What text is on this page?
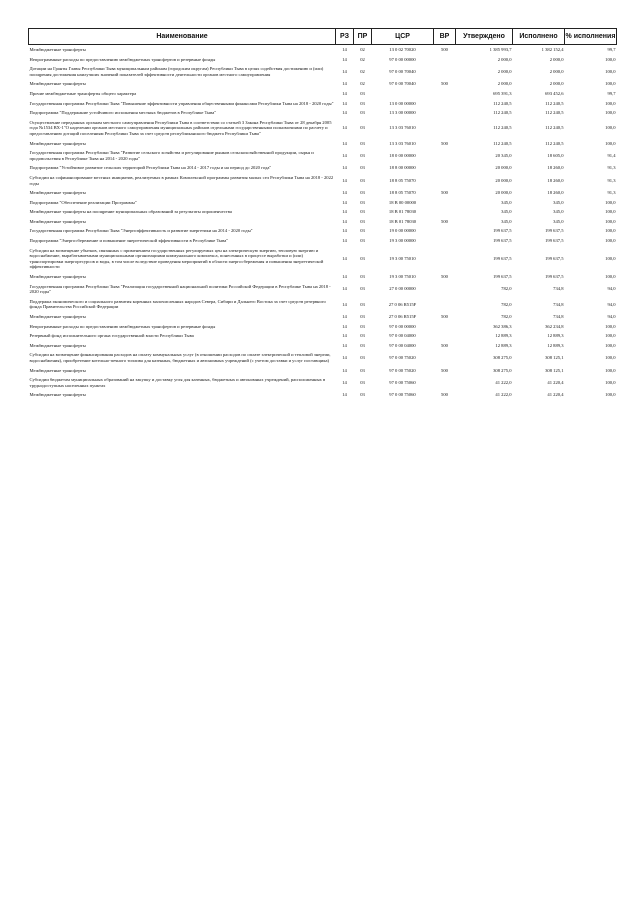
Наименование	РЗ	ПР	ЦСР	ВР	Утверждено	Исполнено	% исполнения
Межбюджетные трансферты	14	02	13 0 02 70020	500	1 385 993,7	1 382 152,4	99,7
Непрограммные расходы по предоставлению межбюджетных трансфертов и резервные фонды	14	02	97 0 00 00000		2 000,0	2 000,0	100,0
Дотации на Гранты Главы Республики Тыва муниципальным районам (городским округам) Республики Тыва в целях содействия достижению и (или) поощрения достижения наилучших значений показателей эффективности деятельности органов местного самоуправления	14	02	97 0 00 70040		2 000,0	2 000,0	100,0
Межбюджетные трансферты	14	02	97 0 00 70040	500	2 000,0	2 000,0	100,0
Прочие межбюджетные трансферты общего характера	14	03			695 391,3	693 452,6	99,7
Государственная программа Республики Тыва "Повышение эффективности управления общественными финансами Республики Тыва на 2018 - 2020 годы"	14	03	13 0 00 00000		112 240,5	112 240,5	100,0
Подпрограмма "Поддержание устойчивого исполнения местных бюджетов в Республике Тыва"	14	03	13 3 00 00000		112 240,5	112 240,5	100,0
Осуществление переданных органам местного самоуправления Республики Тыва в соответствии со статьей 3 Закона Республики Тыва от 28 декабря 2005 года №1534 ВХ-1"О наделении органов местного самоуправления муниципальных районов отдельными государственными полномочиями по расчету и предоставлению дотаций поселениям Республики Тыва за счет средств республиканского бюджета Республики Тыва"	14	03	13 3 03 76010		112 240,5	112 240,5	100,0
Межбюджетные трансферты	14	03	13 3 03 76010	500	112 240,5	112 240,5	100,0
Государственная программа Республики Тыва "Развитие сельского хозяйства и регулирование рынков сельскохозяйственной продукции, сырья и продовольствия в Республике Тыва на 2014 - 2020 годы"	14	03	18 0 00 00000		20 345,0	18 605,0	91,4
Подпрограмма "Устойчивое развитие сельских территорий Республики Тыва на 2014 - 2017 годы и на период до 2020 года"	14	03	18 8 00 00000		20 000,0	18 260,0	91,3
Субсидии на софинансирование местных инициатив, реализуемых в рамках Комплексной программы развития малых сел Республики Тыва на 2018 - 2022 годы	14	03	18 8 05 75070		20 000,0	18 260,0	91,3
Межбюджетные трансферты	14	03	18 8 05 75070	500	20 000,0	18 260,0	91,3
Подпрограмма "Обеспечение реализации Программы"	14	03	18 В 00 00000		345,0	345,0	100,0
Межбюджетные трансферты на поощрение муниципальных образований за результаты опрошенчества	14	03	18 В 01 78030		345,0	345,0	100,0
Межбюджетные трансферты	14	03	18 В 01 78030	500	345,0	345,0	100,0
Государственная программа Республики Тыва "Энергоэффективность и развитие энергетики на 2014 - 2020 годы"	14	03	19 0 00 00000		199 637,5	199 637,5	100,0
Подпрограмма "Энергосбережение и повышение энергетической эффективности в Республике Тыва"	14	03	19 3 00 00000		199 637,5	199 637,5	100,0
Субсидии на возмещение убытков, связанных с применением государственных регулируемых цен на электрическую энергию, тепловую энергию и водоснабжение, вырабатываемыми муниципальными организациями коммунального комплекса, понесенных в процессе выработки и (или) транспортировки энергоресурсов и воды, в том числе вследствие проведения мероприятий в области энергосбережения и повышения энергетической эффективности	14	03	19 3 00 75010		199 637,5	199 637,5	100,0
Межбюджетные трансферты	14	03	19 3 00 75010	500	199 637,5	199 637,5	100,0
Государственная программа Республики Тыва "Реализация государственной национальной политики Российской Федерации в Республике Тыва на 2018 - 2020 годы"	14	03	27 0 00 00000		782,0	734,8	94,0
Поддержка экономического и социального развития коренных малочисленных народов Севера, Сибири и Дальнего Востока за счет средств резервного фонда Правительства Российской Федерации	14	03	27 0 06 R515F		782,0	734,8	94,0
Межбюджетные трансферты	14	03	27 0 06 R515F	500	782,0	734,8	94,0
Непрограммные расходы по предоставлению межбюджетных трансфертов и резервные фонды	14	03	97 0 00 00000		362 386,3	362 234,8	100,0
Резервный фонд исполнительного органа государственной власти Республики Тыва	14	03	97 0 00 04000		12 889,3	12 889,3	100,0
Межбюджетные трансферты	14	03	97 0 00 04000	500	12 889,3	12 889,3	100,0
Субсидии на возмещение финансирования расходов на оплату коммунальных услуг (в отношении расходов по оплате электрической и тепловой энергии, водоснабжения), приобретение котельно-печного топлива для казенных, бюджетных и автономных учреждений (с учетом доставки и услуг поставщика)	14	03	97 0 00 75020		308 275,0	308 125,1	100,0
Межбюджетные трансферты	14	03	97 0 00 75020	500	308 275,0	308 125,1	100,0
Субсидии бюджетам муниципальных образований на закупку и доставку угля для казенных, бюджетных и автономных учреждений, расположенных в труднодоступных населенных пунктах	14	03	97 0 00 75060		41 222,0	41 220,4	100,0
Межбюджетные трансферты	14	03	97 0 00 75060	500	41 222,0	41 220,4	100,0
